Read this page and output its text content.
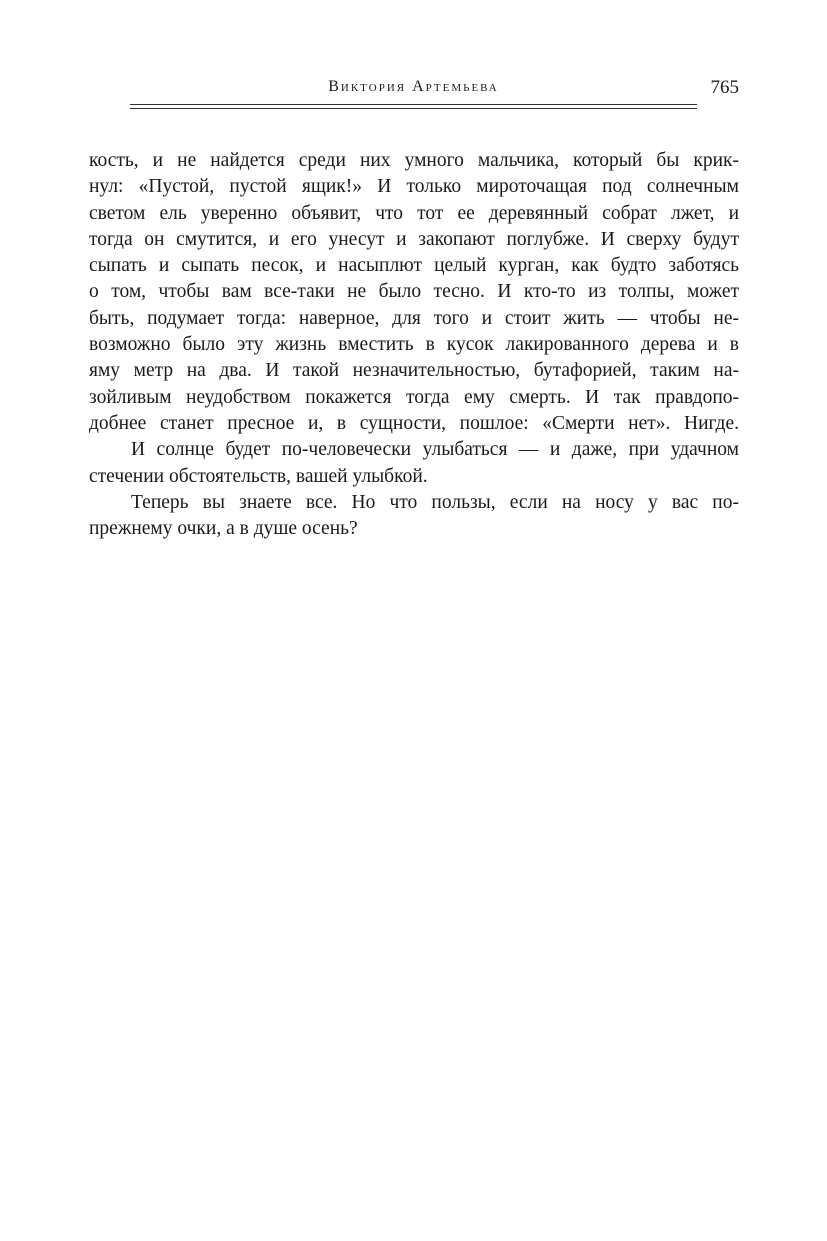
Виктория Артемьева	765
кость, и не найдется среди них умного мальчика, который бы крик-
нул: «Пустой, пустой ящик!» И только мироточащая под солнечным
светом ель уверенно объявит, что тот ее деревянный собрат лжет, и
тогда он смутится, и его унесут и закопают поглубже. И сверху будут
сыпать и сыпать песок, и насыплют целый курган, как будто заботясь
о том, чтобы вам все-таки не было тесно. И кто-то из толпы, может
быть, подумает тогда: наверное, для того и стоит жить — чтобы не-
возможно было эту жизнь вместить в кусок лакированного дерева и в
яму метр на два. И такой незначительностью, бутафорией, таким на-
зойливым неудобством покажется тогда ему смерть. И так правдопо-
добнее станет пресное и, в сущности, пошлое: «Смерти нет». Нигде.
И солнце будет по-человечески улыбаться — и даже, при удачном
стечении обстоятельств, вашей улыбкой.
Теперь вы знаете все. Но что пользы, если на носу у вас по-
прежнему очки, а в душе осень?
